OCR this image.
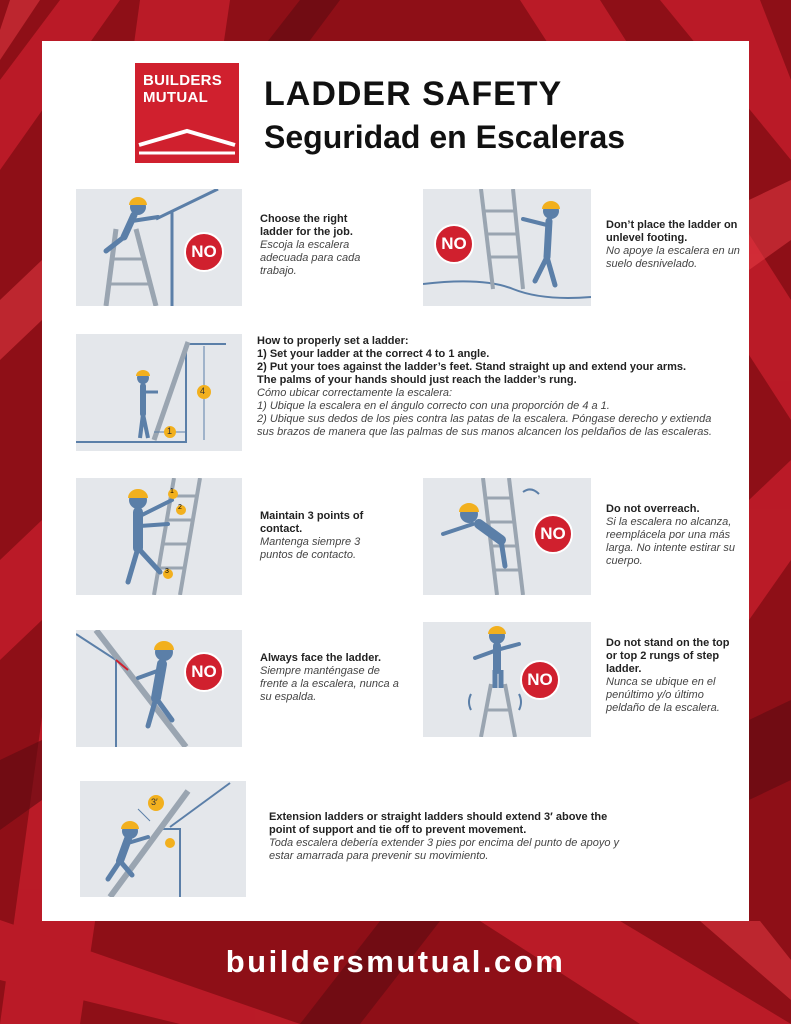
BUILDERS
MUTUAL LADDER SAFETY
Seguridad en Escaleras
NO
Choose the right ladder for the job.
Escoja la escalera adecuada para cada trabajo.
NO
Don’t place the ladder on unlevel footing.
No apoye la escalera en un suelo desnivelado.
4
1
How to properly set a ladder:
1) Set your ladder at the correct 4 to 1 angle.
2) Put your toes against the ladder’s feet. Stand straight up and extend your arms.
The palms of your hands should just reach the ladder’s rung.
Cómo ubicar correctamente la escalera:
1) Ubique la escalera en el ángulo correcto con una proporción de 4 a 1.
2) Ubique sus dedos de los pies contra las patas de la escalera. Póngase derecho y extienda
sus brazos de manera que las palmas de sus manos alcancen los peldaños de las escaleras.
1
2
3
Maintain 3 points of contact.
Mantenga siempre 3 puntos de contacto.
NO
Do not overreach.
Si la escalera no alcanza, reemplácela por una más larga. No intente estirar su cuerpo.
NO
Always face the ladder.
Siempre manténgase de frente a la escalera, nunca a su espalda.
NO
Do not stand on the top or top 2 rungs of step ladder.
Nunca se ubique en el penúltimo y/o último peldaño de la escalera.
3′
Extension ladders or straight ladders should extend 3′ above the point of support and tie off to prevent movement.
Toda escalera debería extender 3 pies por encima del punto de apoyo y estar amarrada para prevenir su movimiento.
buildersmutual.com
